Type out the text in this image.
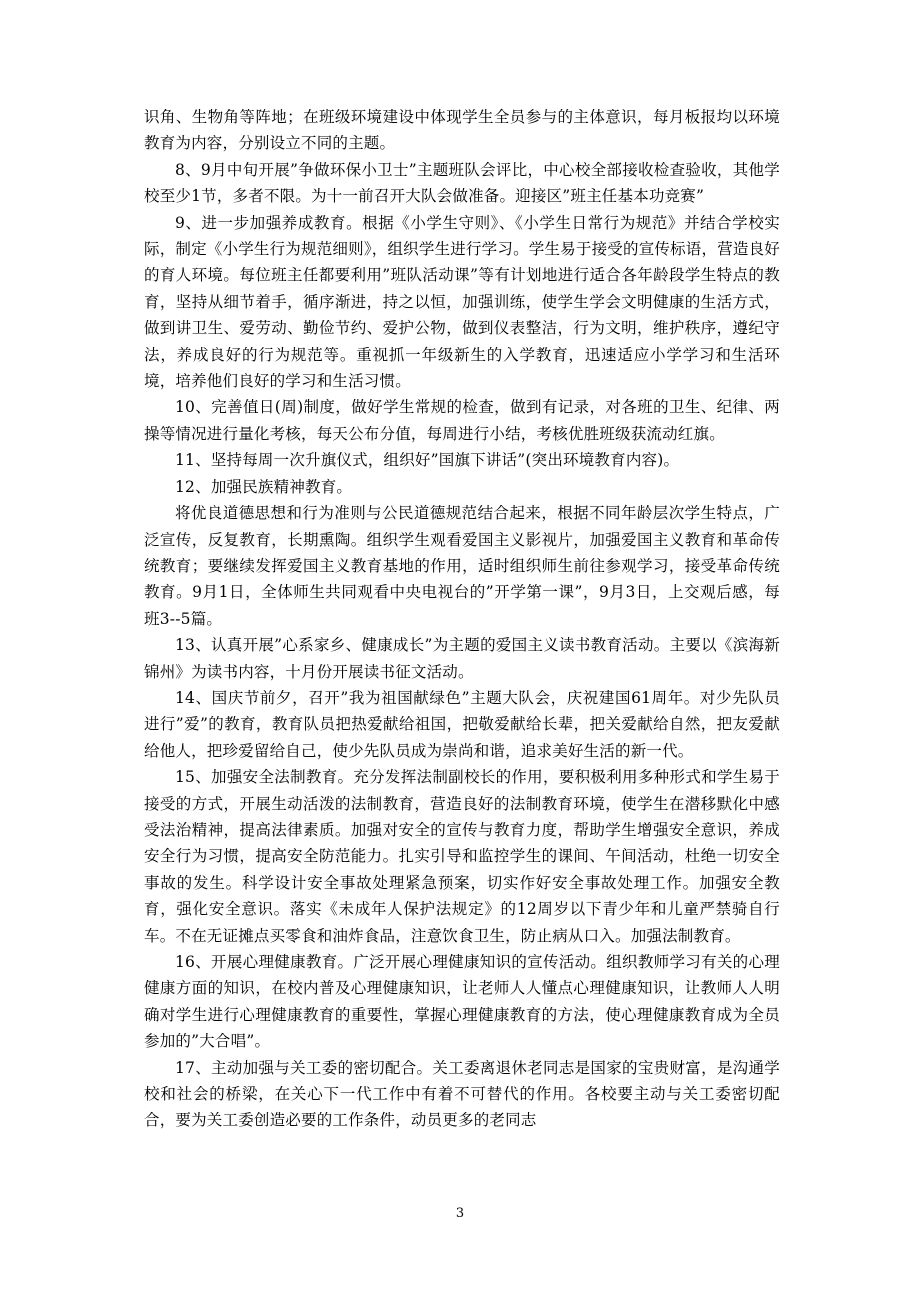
识角、生物角等阵地；在班级环境建设中体现学生全员参与的主体意识，每月板报均以环境教育为内容，分别设立不同的主题。

8、9月中旬开展”争做环保小卫士”主题班队会评比，中心校全部接收检查验收，其他学校至少1节，多者不限。为十一前召开大队会做准备。迎接区”班主任基本功竞赛”

9、进一步加强养成教育。根据《小学生守则》、《小学生日常行为规范》并结合学校实际，制定《小学生行为规范细则》，组织学生进行学习。学生易于接受的宣传标语，营造良好的育人环境。每位班主任都要利用”班队活动课”等有计划地进行适合各年龄段学生特点的教育，坚持从细节着手，循序渐进，持之以恒，加强训练，使学生学会文明健康的生活方式，做到讲卫生、爱劳动、勤俭节约、爱护公物，做到仪表整洁，行为文明，维护秩序，遵纪守法，养成良好的行为规范等。重视抓一年级新生的入学教育，迅速适应小学学习和生活环境，培养他们良好的学习和生活习惯。

10、完善值日(周)制度，做好学生常规的检查，做到有记录，对各班的卫生、纪律、两操等情况进行量化考核，每天公布分值，每周进行小结，考核优胜班级获流动红旗。

11、坚持每周一次升旗仪式，组织好”国旗下讲话”(突出环境教育内容)。

12、加强民族精神教育。

将优良道德思想和行为准则与公民道德规范结合起来，根据不同年龄层次学生特点，广泛宣传，反复教育，长期熏陶。组织学生观看爱国主义影视片，加强爱国主义教育和革命传统教育；要继续发挥爱国主义教育基地的作用，适时组织师生前往参观学习，接受革命传统教育。9月1日，全体师生共同观看中央电视台的”开学第一课”，9月3日，上交观后感，每班3--5篇。

13、认真开展”心系家乡、健康成长”为主题的爱国主义读书教育活动。主要以《滨海新锦州》为读书内容，十月份开展读书征文活动。

14、国庆节前夕，召开”我为祖国献绿色”主题大队会，庆祝建国61周年。对少先队员进行”爱”的教育，教育队员把热爱献给祖国，把敬爱献给长辈，把关爱献给自然，把友爱献给他人，把珍爱留给自己，使少先队员成为崇尚和谐，追求美好生活的新一代。

15、加强安全法制教育。充分发挥法制副校长的作用，要积极利用多种形式和学生易于接受的方式，开展生动活泼的法制教育，营造良好的法制教育环境，使学生在潜移默化中感受法治精神，提高法律素质。加强对安全的宣传与教育力度，帮助学生增强安全意识，养成安全行为习惯，提高安全防范能力。扎实引导和监控学生的课间、午间活动，杜绝一切安全事故的发生。科学设计安全事故处理紧急预案，切实作好安全事故处理工作。加强安全教育，强化安全意识。落实《未成年人保护法规定》的12周岁以下青少年和儿童严禁骑自行车。不在无证摊点买零食和油炸食品，注意饮食卫生，防止病从口入。加强法制教育。

16、开展心理健康教育。广泛开展心理健康知识的宣传活动。组织教师学习有关的心理健康方面的知识，在校内普及心理健康知识，让老师人人懂点心理健康知识，让教师人人明确对学生进行心理健康教育的重要性，掌握心理健康教育的方法，使心理健康教育成为全员参加的”大合唱”。

17、主动加强与关工委的密切配合。关工委离退休老同志是国家的宝贵财富，是沟通学校和社会的桥梁，在关心下一代工作中有着不可替代的作用。各校要主动与关工委密切配合，要为关工委创造必要的工作条件，动员更多的老同志

3
